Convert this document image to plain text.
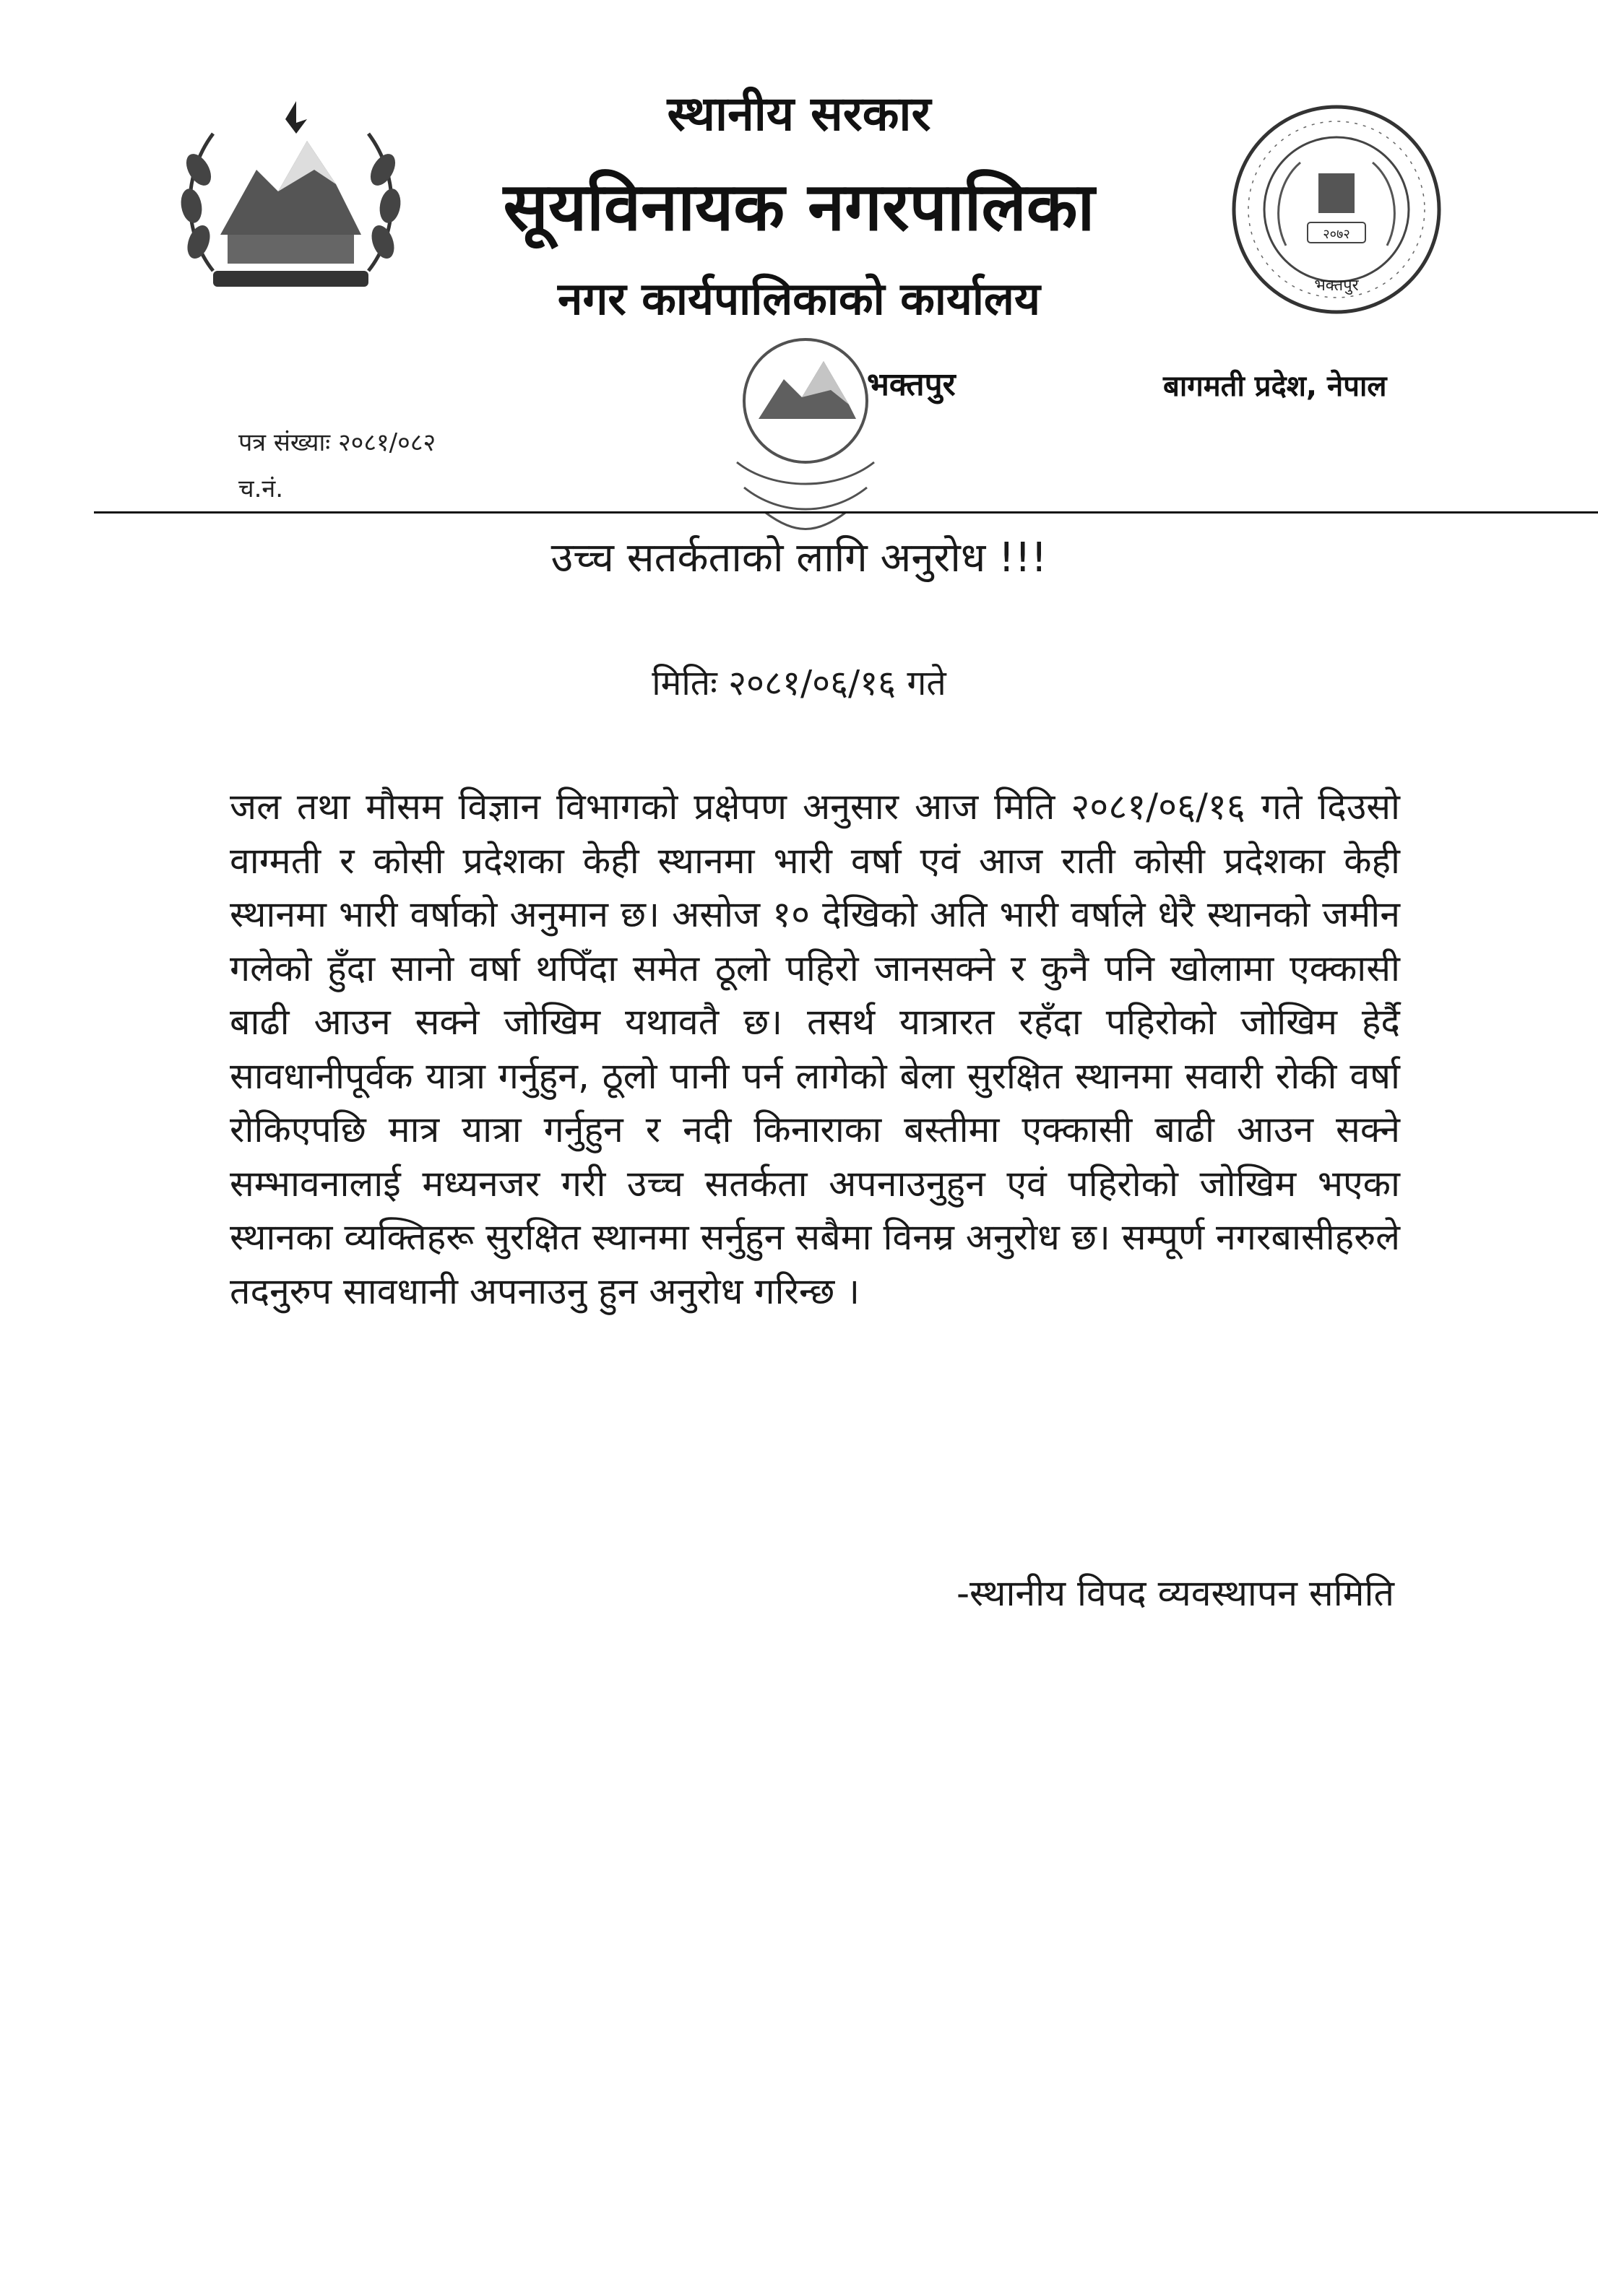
स्थानीय सरकार
सूयविनायक नगरपालिका
नगर कार्यपालिकाको कार्यालय
२०७२
भक्तपुर
भक्तपुर	बागमती प्रदेश, नेपाल
पत्र संख्याः २०८१/०८२
च.नं.
उच्च सतर्कताको लागि अनुरोध !!!
मितिः २०८१/०६/१६ गते
जल तथा मौसम विज्ञान विभागको प्रक्षेपण अनुसार आज मिति २०८१/०६/१६ गते दिउसो वाग्मती र कोसी प्रदेशका केही स्थानमा भारी वर्षा एवं आज राती कोसी प्रदेशका केही स्थानमा भारी वर्षाको अनुमान छ। असोज १० देखिको अति भारी वर्षाले धेरै स्थानको जमीन गलेको हुँदा सानो वर्षा थपिँदा समेत ठूलो पहिरो जानसक्ने र कुनै पनि खोलामा एक्कासी बाढी आउन सक्ने जोखिम यथावतै छ। तसर्थ यात्रारत रहँदा पहिरोको जोखिम हेर्दै सावधानीपूर्वक यात्रा गर्नुहुन, ठूलो पानी पर्न लागेको बेला सुरक्षित स्थानमा सवारी रोकी वर्षा रोकिएपछि मात्र यात्रा गर्नुहुन र नदी किनाराका बस्तीमा एक्कासी बाढी आउन सक्ने सम्भावनालाई मध्यनजर गरी उच्च सतर्कता अपनाउनुहुन एवं पहिरोको जोखिम भएका स्थानका व्यक्तिहरू सुरक्षित स्थानमा सर्नुहुन सबैमा विनम्र अनुरोध छ। सम्पूर्ण नगरबासीहरुले तदनुरुप सावधानी अपनाउनु हुन अनुरोध गरिन्छ ।
-स्थानीय विपद व्यवस्थापन समिति
